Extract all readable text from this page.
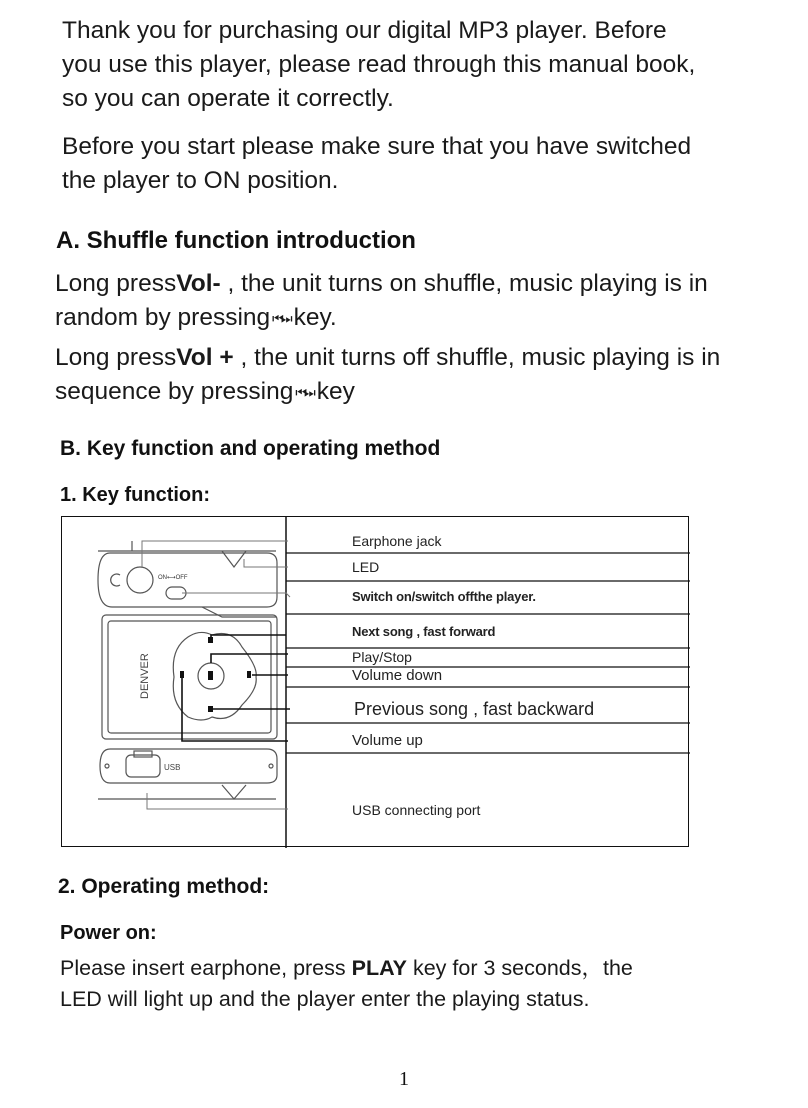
Thank you for purchasing our digital MP3 player. Before
you use this player, please read through this manual book,
so you can operate it correctly.

Before you start please make sure that you have switched
the player to ON position.

A. Shuffle function introduction

Long pressVol- , the unit turns on shuffle, music playing is in
random by pressing ⏮⏭ key.

Long pressVol + , the unit turns off shuffle, music playing is in
sequence by pressing ⏮⏭ key

B. Key function and operating method
1. Key function:
ON⟷OFF
DENVER
USB
Earphone jack
LED
Switch on/switch offthe player.
Next song , fast forward
Play/Stop
Volume down
Previous song , fast backward
Volume up
USB connecting port
2. Operating method:
Power on:

Please insert earphone, press PLAY key for 3 seconds，the
LED will light up and the player enter the playing status.

1
